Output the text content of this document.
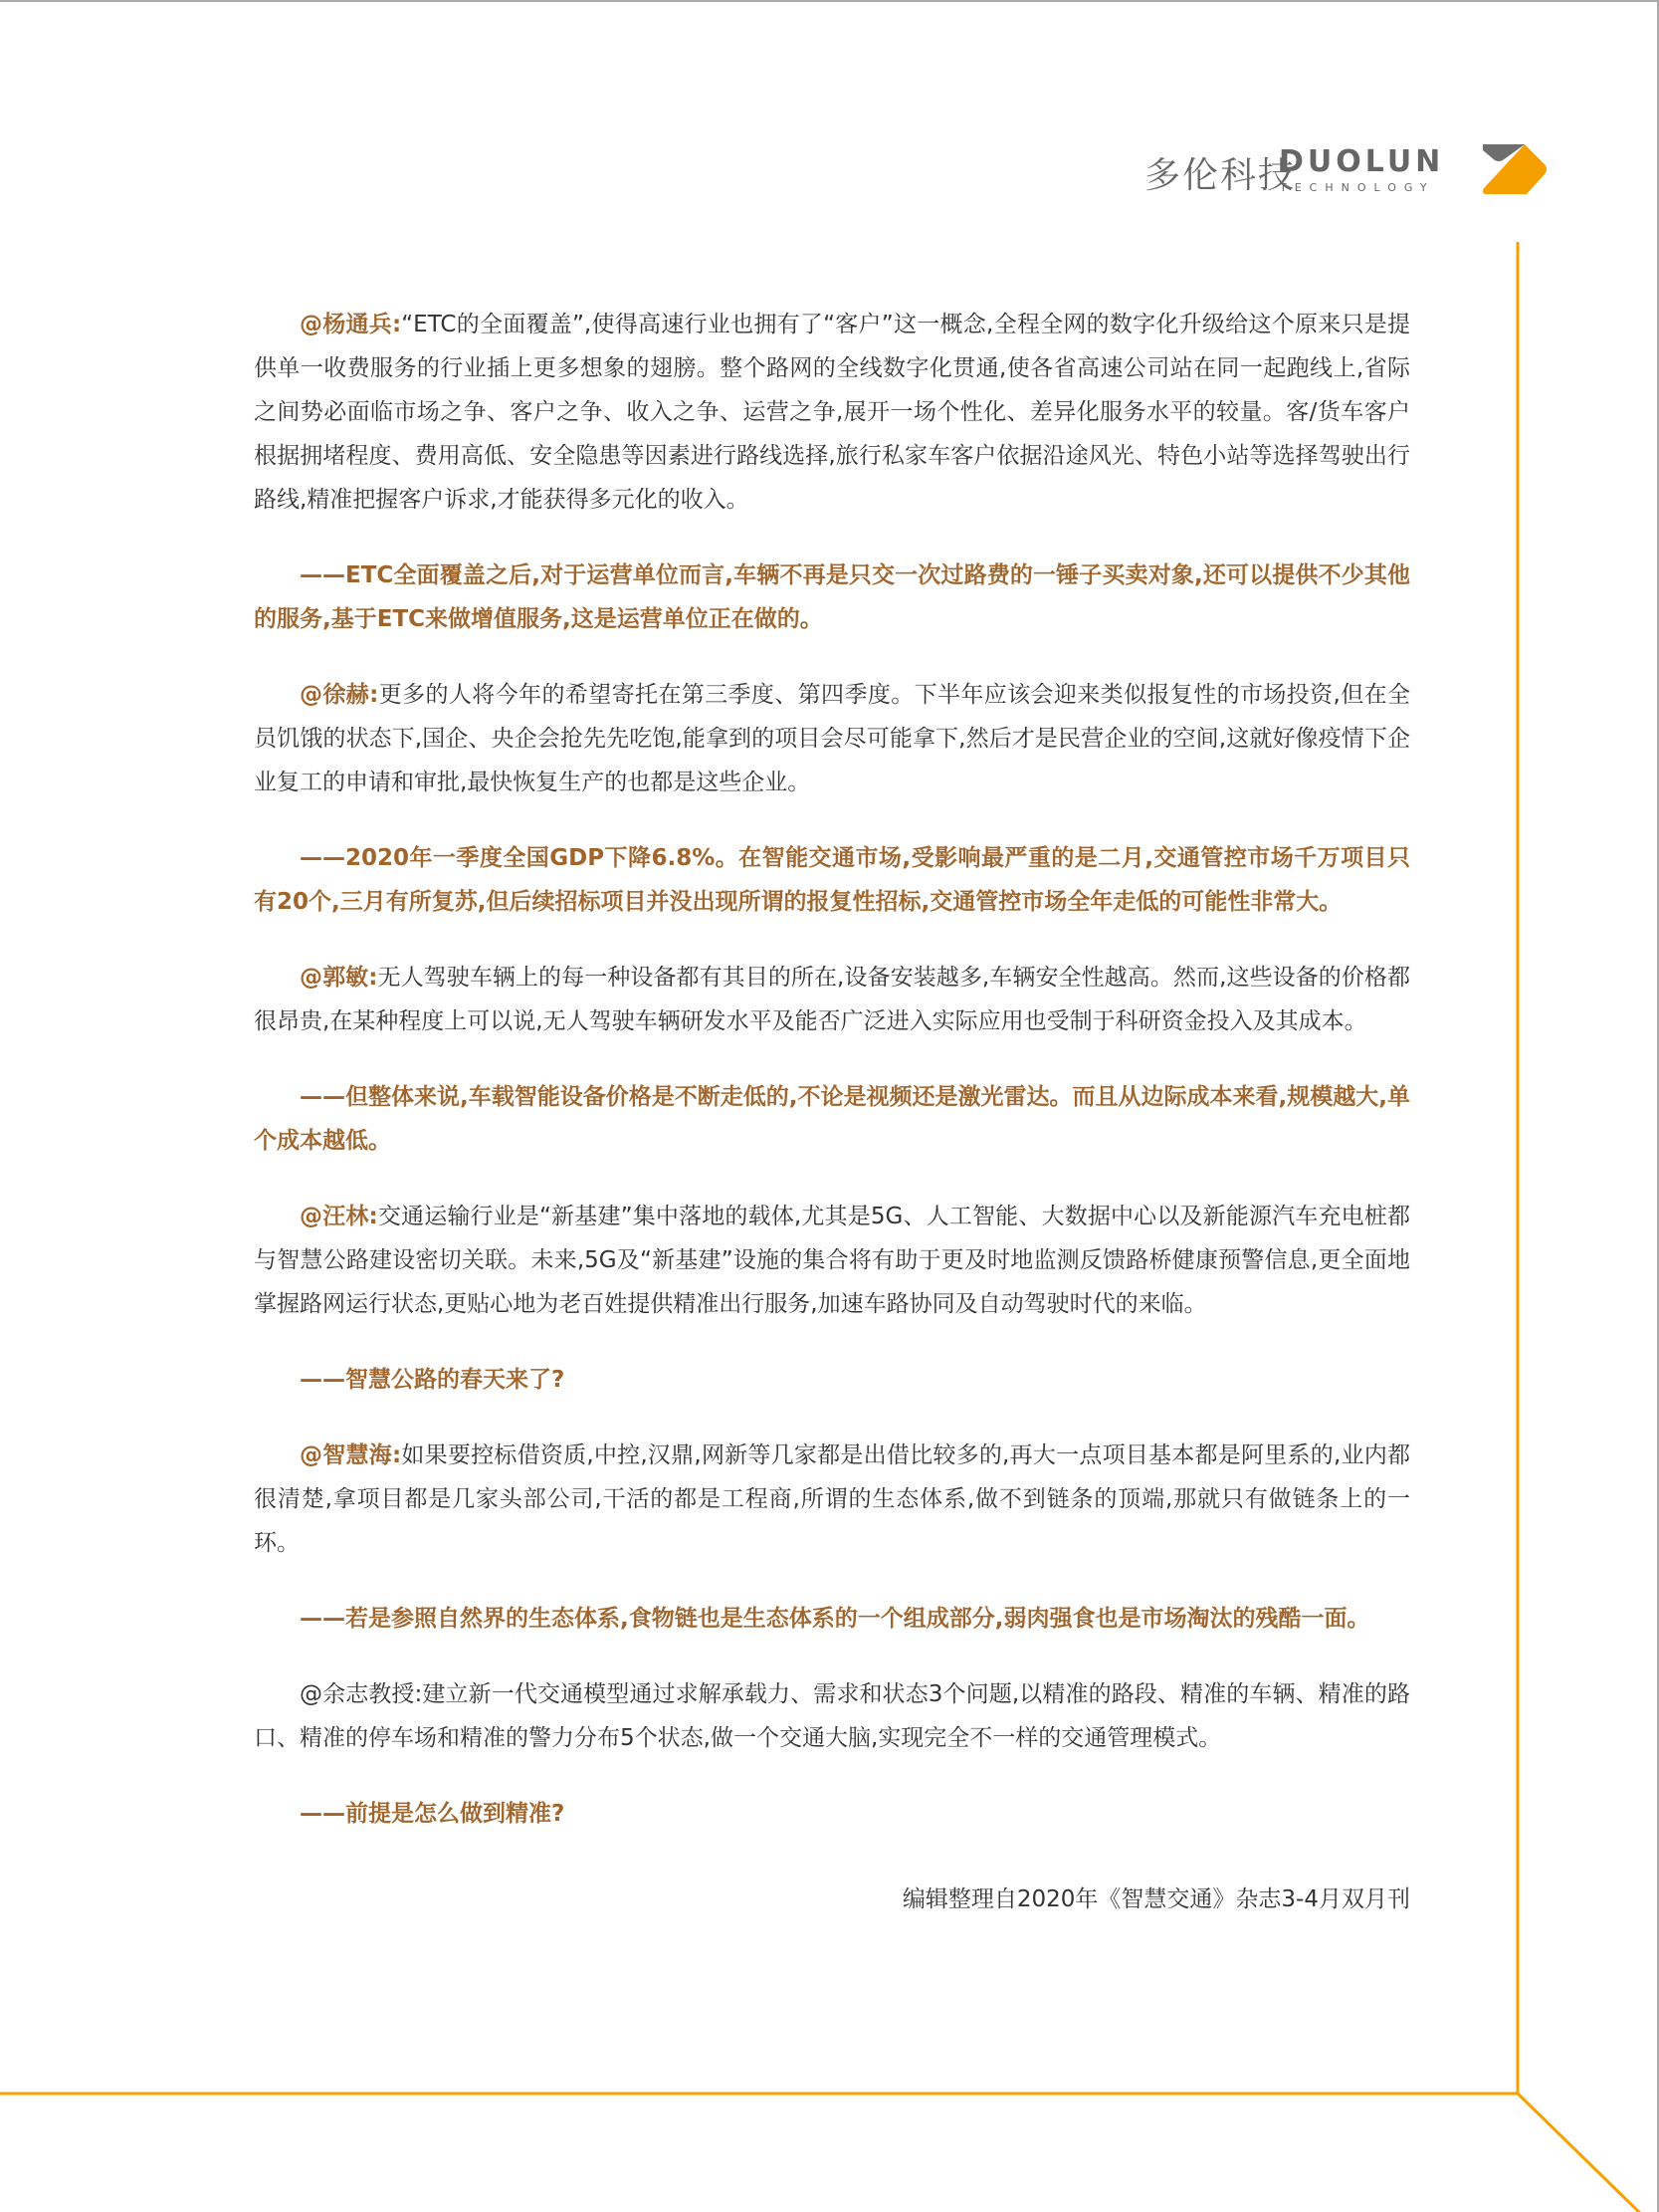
多伦科技
DUOLUN
TECHNOLOGY

@杨通兵:“ETC的全面覆盖”,使得高速行业也拥有了“客户”这一概念,全程全网的数字化升级给这个原来只是提供单一收费服务的行业插上更多想象的翅膀。整个路网的全线数字化贯通,使各省高速公司站在同一起跑线上,省际之间势必面临市场之争、客户之争、收入之争、运营之争,展开一场个性化、差异化服务水平的较量。客/货车客户根据拥堵程度、费用高低、安全隐患等因素进行路线选择,旅行私家车客户依据沿途风光、特色小站等选择驾驶出行路线,精准把握客户诉求,才能获得多元化的收入。

——ETC全面覆盖之后,对于运营单位而言,车辆不再是只交一次过路费的一锤子买卖对象,还可以提供不少其他的服务,基于ETC来做增值服务,这是运营单位正在做的。

@徐赫:更多的人将今年的希望寄托在第三季度、第四季度。下半年应该会迎来类似报复性的市场投资,但在全员饥饿的状态下,国企、央企会抢先先吃饱,能拿到的项目会尽可能拿下,然后才是民营企业的空间,这就好像疫情下企业复工的申请和审批,最快恢复生产的也都是这些企业。

——2020年一季度全国GDP下降6.8%。在智能交通市场,受影响最严重的是二月,交通管控市场千万项目只有20个,三月有所复苏,但后续招标项目并没出现所谓的报复性招标,交通管控市场全年走低的可能性非常大。

@郭敏:无人驾驶车辆上的每一种设备都有其目的所在,设备安装越多,车辆安全性越高。然而,这些设备的价格都很昂贵,在某种程度上可以说,无人驾驶车辆研发水平及能否广泛进入实际应用也受制于科研资金投入及其成本。

——但整体来说,车载智能设备价格是不断走低的,不论是视频还是激光雷达。而且从边际成本来看,规模越大,单个成本越低。

@汪林:交通运输行业是“新基建”集中落地的载体,尤其是5G、人工智能、大数据中心以及新能源汽车充电桩都与智慧公路建设密切关联。未来,5G及“新基建”设施的集合将有助于更及时地监测反馈路桥健康预警信息,更全面地掌握路网运行状态,更贴心地为老百姓提供精准出行服务,加速车路协同及自动驾驶时代的来临。

——智慧公路的春天来了?

@智慧海:如果要控标借资质,中控,汉鼎,网新等几家都是出借比较多的,再大一点项目基本都是阿里系的,业内都很清楚,拿项目都是几家头部公司,干活的都是工程商,所谓的生态体系,做不到链条的顶端,那就只有做链条上的一环。

——若是参照自然界的生态体系,食物链也是生态体系的一个组成部分,弱肉强食也是市场淘汰的残酷一面。

@余志教授:建立新一代交通模型通过求解承载力、需求和状态3个问题,以精准的路段、精准的车辆、精准的路口、精准的停车场和精准的警力分布5个状态,做一个交通大脑,实现完全不一样的交通管理模式。

——前提是怎么做到精准?

编辑整理自2020年《智慧交通》杂志3-4月双月刊
